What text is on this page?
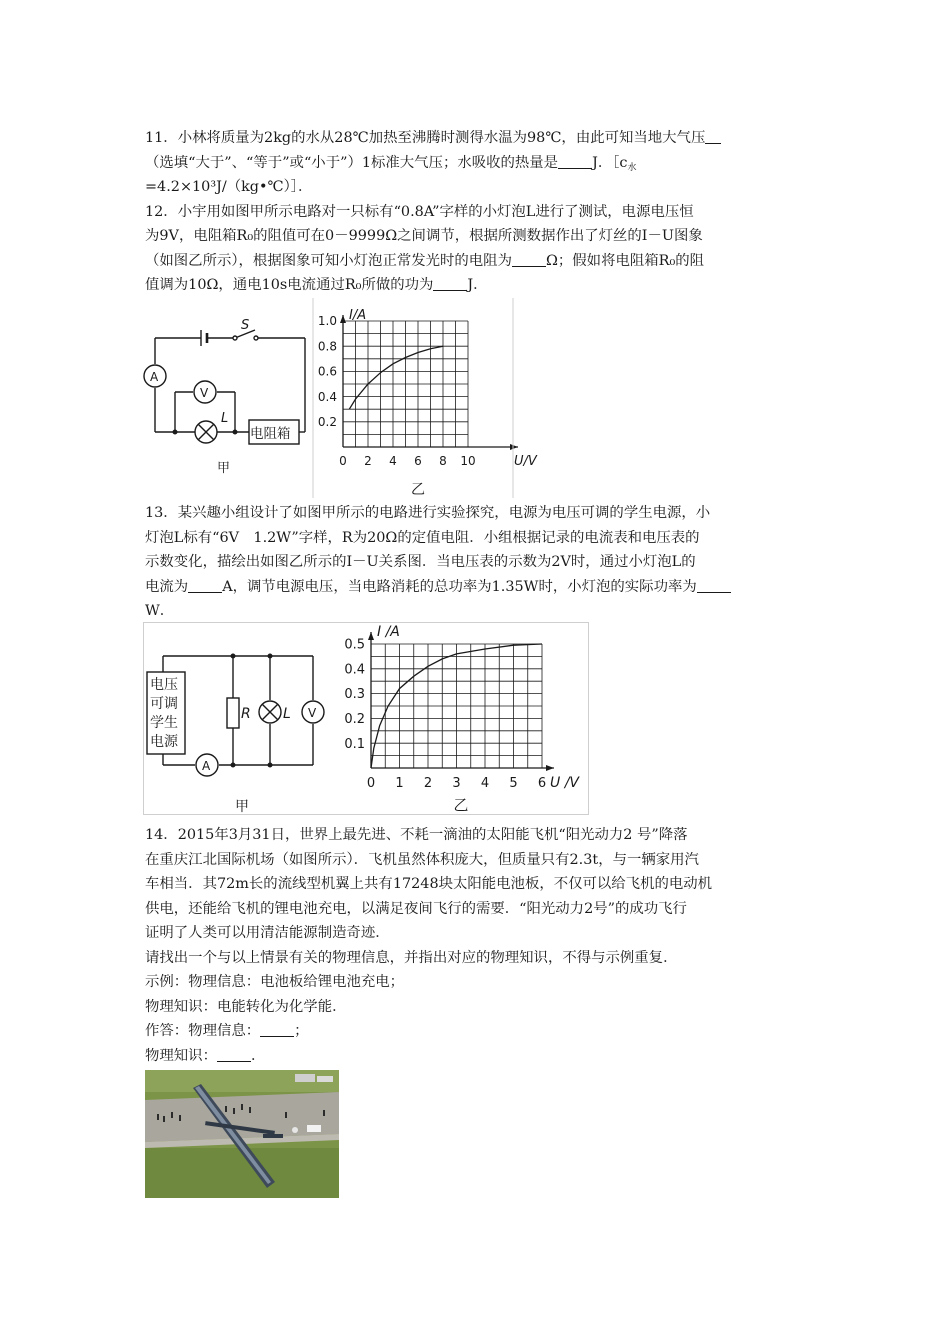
11．小林将质量为2kg的水从28℃加热至沸腾时测得水温为98℃，由此可知当地大气压
（选填“大于”、“等于”或“小于”）1标准大气压；水吸收的热量是 J．$[c_水$
=4.2×10³J/（kg•℃）］．
12．小宇用如图甲所示电路对一只标有“0.8A”字样的小灯泡L进行了测试，电源电压恒
为9V，电阻箱R₀的阻值可在0－9999Ω之间调节，根据所测数据作出了灯丝的I－U图象
（如图乙所示），根据图象可知小灯泡正常发光时的电阻为 Ω；假如将电阻箱R₀的阻
值调为10Ω，通电10s电流通过R₀所做的功为 J．
S
A
V
L
电阻箱
甲	0 2 4 6 8 10
0.2
0.4
0.6
0.8
1.0 I/A
U/V
乙
13．某兴趣小组设计了如图甲所示的电路进行实验探究，电源为电压可调的学生电源，小
灯泡L标有“6V　1.2W”字样，R为20Ω的定值电阻．小组根据记录的电流表和电压表的
示数变化，描绘出如图乙所示的I－U关系图．当电压表的示数为2V时，通过小灯泡L的
电流为 A，调节电源电压，当电路消耗的总功率为1.35W时，小灯泡的实际功率为
W．
电压
可调
学生
电源
R L V
A
甲
0 1 2 3 4 5 6
0.1
0.2
0.3
0.4
0.5
I /A
U /V
乙
14．2015年3月31日，世界上最先进、不耗一滴油的太阳能飞机“阳光动力2 号”降落
在重庆江北国际机场（如图所示）．飞机虽然体积庞大，但质量只有2.3t，与一辆家用汽
车相当．其72m长的流线型机翼上共有17248块太阳能电池板，不仅可以给飞机的电动机
供电，还能给飞机的锂电池充电，以满足夜间飞行的需要．“阳光动力2号”的成功飞行
证明了人类可以用清洁能源制造奇迹．
请找出一个与以上情景有关的物理信息，并指出对应的物理知识，不得与示例重复．
示例：物理信息：电池板给锂电池充电；
物理知识：电能转化为化学能．
作答：物理信息： ；
物理知识： ．
